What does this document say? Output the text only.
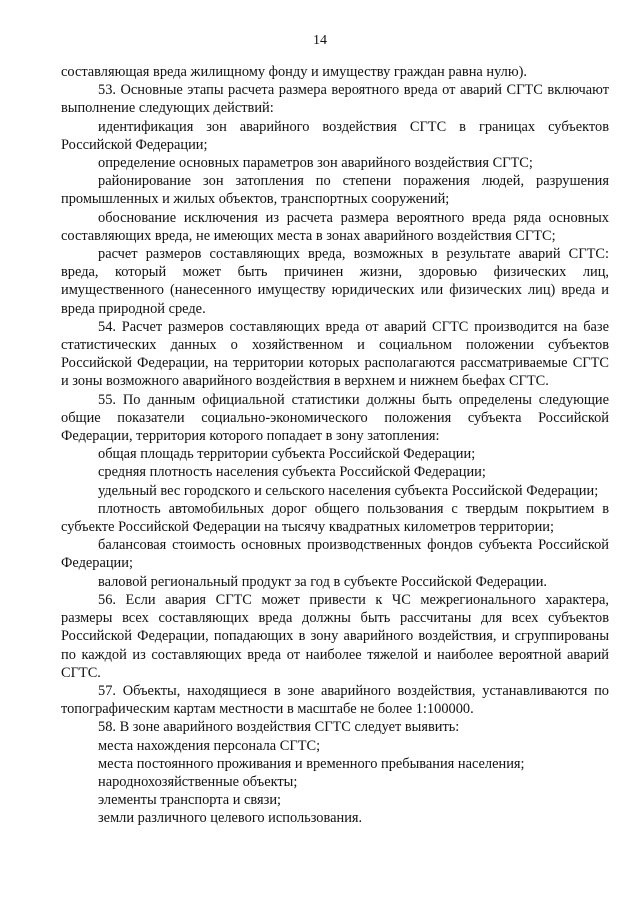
14

составляющая вреда жилищному фонду и имуществу граждан равна нулю).

53. Основные этапы расчета размера вероятного вреда от аварий СГТС включают выполнение следующих действий:

идентификация зон аварийного воздействия СГТС в границах субъектов Российской Федерации;

определение основных параметров зон аварийного воздействия СГТС;

районирование зон затопления по степени поражения людей, разрушения промышленных и жилых объектов, транспортных сооружений;

обоснование исключения из расчета размера вероятного вреда ряда основных составляющих вреда, не имеющих места в зонах аварийного воздействия СГТС;

расчет размеров составляющих вреда, возможных в результате аварий СГТС: вреда, который может быть причинен жизни, здоровью физических лиц, имущественного (нанесенного имуществу юридических или физических лиц) вреда и вреда природной среде.

54. Расчет размеров составляющих вреда от аварий СГТС производится на базе статистических данных о хозяйственном и социальном положении субъектов Российской Федерации, на территории которых располагаются рассматриваемые СГТС и зоны возможного аварийного воздействия в верхнем и нижнем бьефах СГТС.

55. По данным официальной статистики должны быть определены следующие общие показатели социально-экономического положения субъекта Российской Федерации, территория которого попадает в зону затопления:

общая площадь территории субъекта Российской Федерации;

средняя плотность населения субъекта Российской Федерации;

удельный вес городского и сельского населения субъекта Российской Федерации;

плотность автомобильных дорог общего пользования с твердым покрытием в субъекте Российской Федерации на тысячу квадратных километров территории;

балансовая стоимость основных производственных фондов субъекта Российской Федерации;

валовой региональный продукт за год в субъекте Российской Федерации.

56. Если авария СГТС может привести к ЧС межрегионального характера, размеры всех составляющих вреда должны быть рассчитаны для всех субъектов Российской Федерации, попадающих в зону аварийного воздействия, и сгруппированы по каждой из составляющих вреда от наиболее тяжелой и наиболее вероятной аварий СГТС.

57. Объекты, находящиеся в зоне аварийного воздействия, устанавливаются по топографическим картам местности в масштабе не более 1:100000.

58. В зоне аварийного воздействия СГТС следует выявить:

места нахождения персонала СГТС;

места постоянного проживания и временного пребывания населения;

народнохозяйственные объекты;

элементы транспорта и связи;

земли различного целевого использования.
